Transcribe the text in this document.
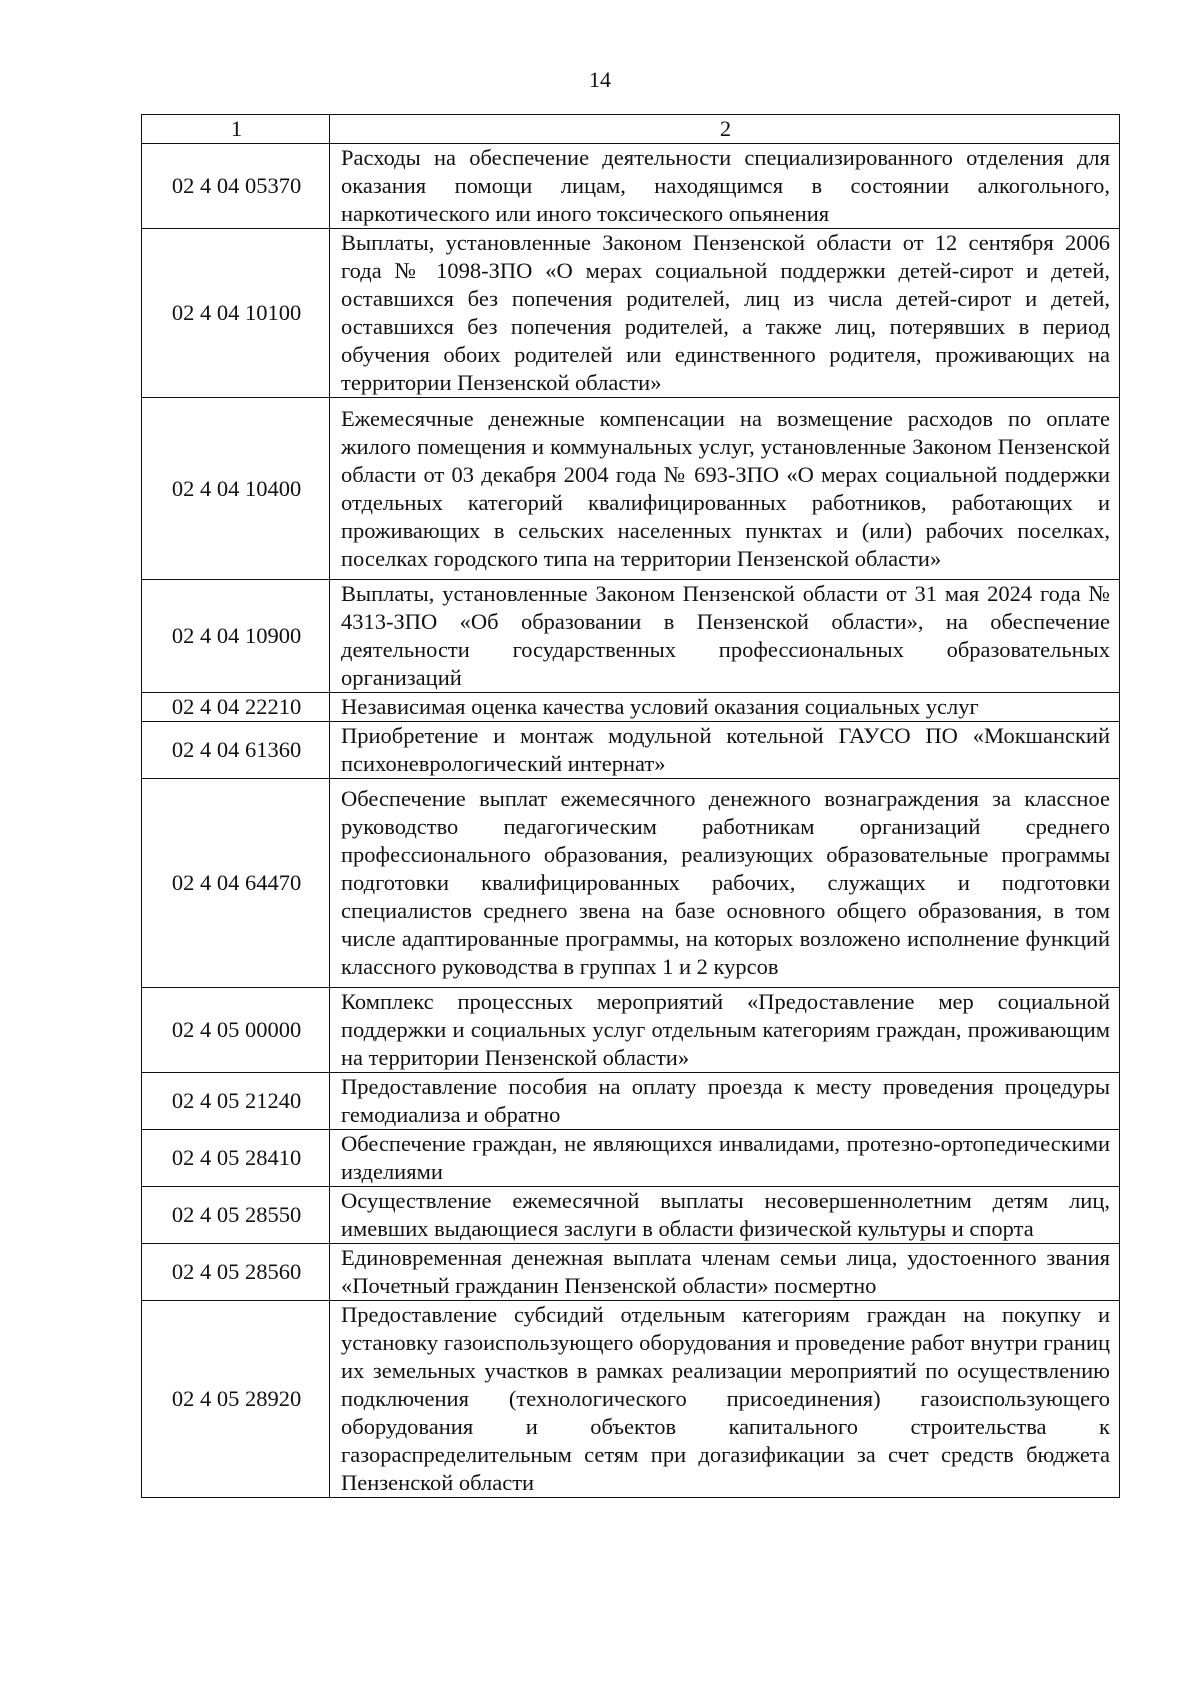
14
1	2
02 4 04 05370	Расходы на обеспечение деятельности специализированного отделения для оказания помощи лицам, находящимся в состоянии алкогольного, наркотического или иного токсического опьянения
02 4 04 10100	Выплаты, установленные Законом Пензенской области от 12 сентября 2006 года № 1098-ЗПО «О мерах социальной поддержки детей-сирот и детей, оставшихся без попечения родителей, лиц из числа детей-сирот и детей, оставшихся без попечения родителей, а также лиц, потерявших в период обучения обоих родителей или единственного родителя, проживающих на территории Пензенской области»
02 4 04 10400	Ежемесячные денежные компенсации на возмещение расходов по оплате жилого помещения и коммунальных услуг, установленные Законом Пензенской области от 03 декабря 2004 года № 693-ЗПО «О мерах социальной поддержки отдельных категорий квалифицированных работников, работающих и проживающих в сельских населенных пунктах и (или) рабочих поселках, поселках городского типа на территории Пензенской области»
02 4 04 10900	Выплаты, установленные Законом Пензенской области от 31 мая 2024 года № 4313-ЗПО «Об образовании в Пензенской области», на обеспечение деятельности государственных профессиональных образовательных организаций
02 4 04 22210	Независимая оценка качества условий оказания социальных услуг
02 4 04 61360	Приобретение и монтаж модульной котельной ГАУСО ПО «Мокшанский психоневрологический интернат»
02 4 04 64470	Обеспечение выплат ежемесячного денежного вознаграждения за классное руководство педагогическим работникам организаций среднего профессионального образования, реализующих образовательные программы подготовки квалифицированных рабочих, служащих и подготовки специалистов среднего звена на базе основного общего образования, в том числе адаптированные программы, на которых возложено исполнение функций классного руководства в группах 1 и 2 курсов
02 4 05 00000	Комплекс процессных мероприятий «Предоставление мер социальной поддержки и социальных услуг отдельным категориям граждан, проживающим на территории Пензенской области»
02 4 05 21240	Предоставление пособия на оплату проезда к месту проведения процедуры гемодиализа и обратно
02 4 05 28410	Обеспечение граждан, не являющихся инвалидами, протезно-ортопедическими изделиями
02 4 05 28550	Осуществление ежемесячной выплаты несовершеннолетним детям лиц, имевших выдающиеся заслуги в области физической культуры и спорта
02 4 05 28560	Единовременная денежная выплата членам семьи лица, удостоенного звания «Почетный гражданин Пензенской области» посмертно
02 4 05 28920	Предоставление субсидий отдельным категориям граждан на покупку и установку газоиспользующего оборудования и проведение работ внутри границ их земельных участков в рамках реализации мероприятий по осуществлению подключения (технологического присоединения) газоиспользующего оборудования и объектов капитального строительства к газораспределительным сетям при догазификации за счет средств бюджета Пензенской области
